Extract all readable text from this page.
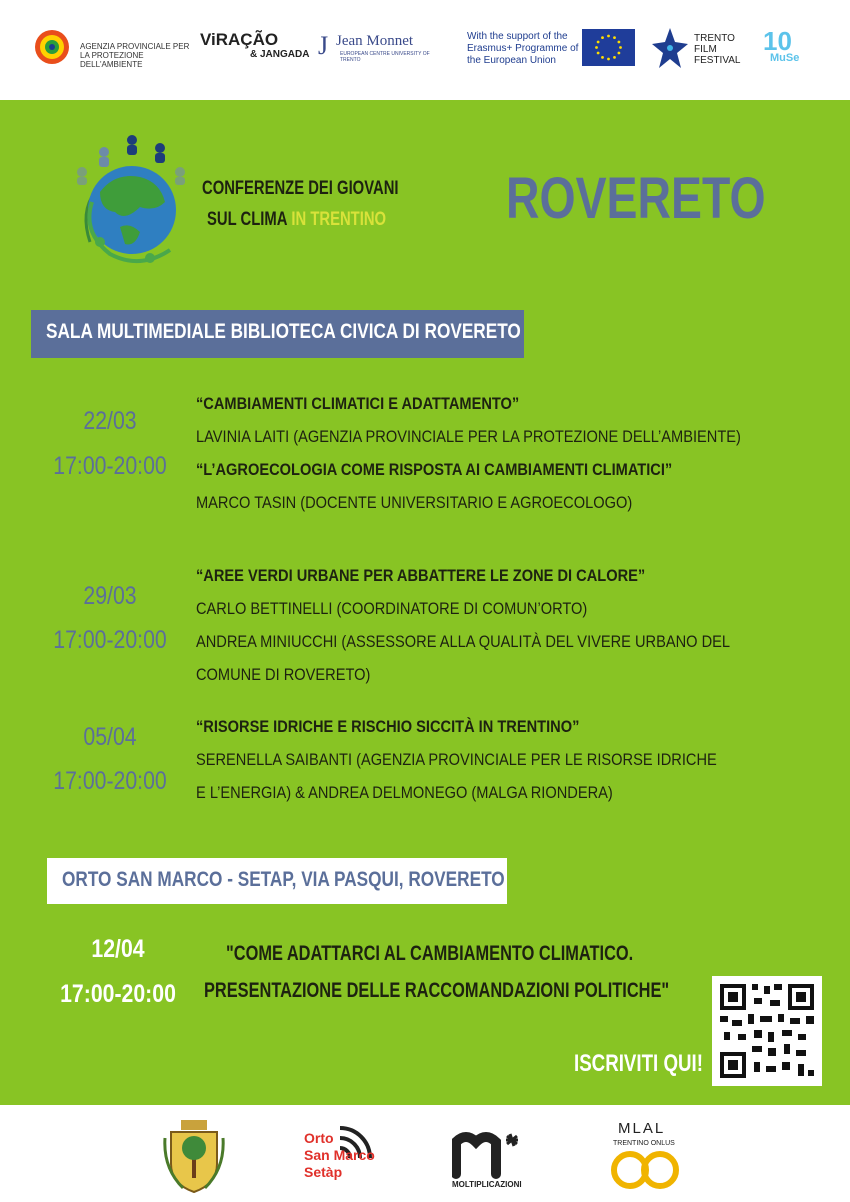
AGENZIA PROVINCIALE PER LA PROTEZIONE DELL'AMBIENTE
ViRAÇÃO
& JANGADA J Jean Monnet
EUROPEAN CENTRE UNIVERSITY OF TRENTO
With the support of the Erasmus+ Programme of the European Union
TRENTO FILM FESTIVAL
10
MuSe
CONFERENZE DEI GIOVANI
SUL CLIMA IN TRENTINO ROVERETO
SALA MULTIMEDIALE BIBLIOTECA CIVICA DI ROVERETO
22/03
17:00-20:00
“CAMBIAMENTI CLIMATICI E ADATTAMENTO”
LAVINIA LAITI (AGENZIA PROVINCIALE PER LA PROTEZIONE DELL’AMBIENTE)
“L’AGROECOLOGIA COME RISPOSTA AI CAMBIAMENTI CLIMATICI”
MARCO TASIN (DOCENTE UNIVERSITARIO E AGROECOLOGO)
29/03
17:00-20:00
“AREE VERDI URBANE PER ABBATTERE LE ZONE DI CALORE”
CARLO BETTINELLI (COORDINATORE DI COMUN’ORTO)
ANDREA MINIUCCHI (ASSESSORE ALLA QUALITÀ DEL VIVERE URBANO DEL
COMUNE DI ROVERETO)
05/04
17:00-20:00
“RISORSE IDRICHE E RISCHIO SICCITÀ IN TRENTINO”
SERENELLA SAIBANTI (AGENZIA PROVINCIALE PER LE RISORSE IDRICHE
E L’ENERGIA) & ANDREA DELMONEGO (MALGA RIONDERA)
ORTO SAN MARCO - SETAP, VIA PASQUI, ROVERETO
12/04
17:00-20:00
"COME ADATTARCI AL CAMBIAMENTO CLIMATICO.
PRESENTAZIONE DELLE RACCOMANDAZIONI POLITICHE"
ISCRIVITI QUI!
Orto
San Marco
Setàp
MOLTIPLICAZIONI
MLAL
TRENTINO ONLUS
